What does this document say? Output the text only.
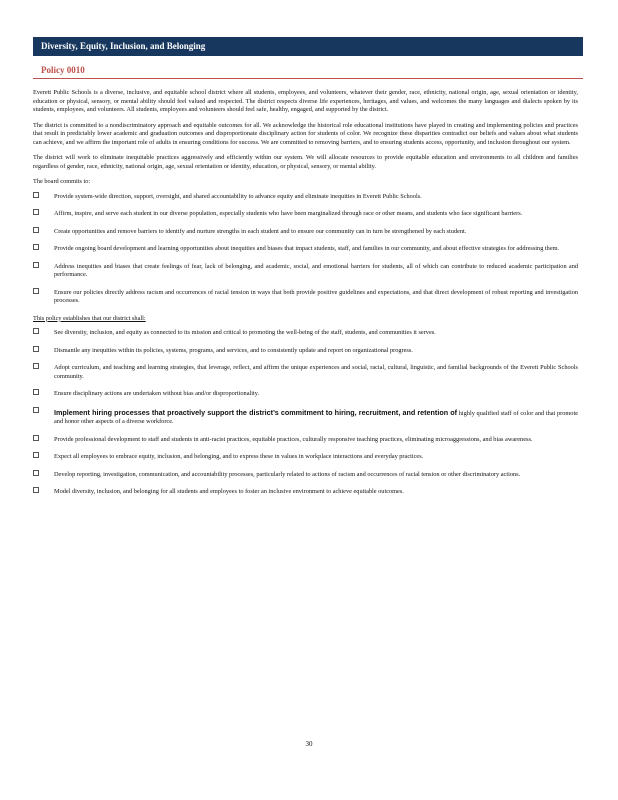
Diversity, Equity, Inclusion, and Belonging
Policy 0010

Everett Public Schools is a diverse, inclusive, and equitable school district where all students, employees, and volunteers, whatever their gender, race, ethnicity, national origin, age, sexual orientation or identity, education or physical, sensory, or mental ability should feel valued and respected. The district respects diverse life experiences, heritages, and values, and welcomes the many languages and dialects spoken by its students, employees, and volunteers. All students, employees and volunteers should feel safe, healthy, engaged, and supported by the district.

The district is committed to a nondiscriminatory approach and equitable outcomes for all. We acknowledge the historical role educational institutions have played in creating and implementing policies and practices that result in predictably lower academic and graduation outcomes and disproportionate disciplinary action for students of color. We recognize these disparities contradict our beliefs and values about what students can achieve, and we affirm the important role of adults in ensuring conditions for success. We are committed to removing barriers, and to ensuring students access, opportunity, and inclusion throughout our system.

The district will work to eliminate inequitable practices aggressively and efficiently within our system. We will allocate resources to provide equitable education and environments to all children and families regardless of gender, race, ethnicity, national origin, age, sexual orientation or identity, education, or physical, sensory, or mental ability.

The board commits to:

Provide system-wide direction, support, oversight, and shared accountability to advance equity and eliminate inequities in Everett Public Schools.
Affirm, inspire, and serve each student in our diverse population, especially students who have been marginalized through race or other means, and students who face significant barriers.
Create opportunities and remove barriers to identify and nurture strengths in each student and to ensure our community can in turn be strengthened by each student.
Provide ongoing board development and learning opportunities about inequities and biases that impact students, staff, and families in our community, and about effective strategies for addressing them.
Address inequities and biases that create feelings of fear, lack of belonging, and academic, social, and emotional barriers for students, all of which can contribute to reduced academic participation and performance.
Ensure our policies directly address racism and occurrences of racial tension in ways that both provide positive guidelines and expectations, and that direct development of robust reporting and investigation processes.

This policy establishes that our district shall:

See diversity, inclusion, and equity as connected to its mission and critical to promoting the well-being of the staff, students, and communities it serves.
Dismantle any inequities within its policies, systems, programs, and services, and to consistently update and report on organizational progress.
Adopt curriculum, and teaching and learning strategies, that leverage, reflect, and affirm the unique experiences and social, racial, cultural, linguistic, and familial backgrounds of the Everett Public Schools community.
Ensure disciplinary actions are undertaken without bias and/or disproportionality.
Implement hiring processes that proactively support the district’s commitment to hiring, recruitment, and retention of highly qualified staff of color and that promote and honor other aspects of a diverse workforce.
Provide professional development to staff and students in anti-racist practices, equitable practices, culturally responsive teaching practices, eliminating microaggressions, and bias awareness.
Expect all employees to embrace equity, inclusion, and belonging, and to express these in values in workplace interactions and everyday practices.
Develop reporting, investigation, communication, and accountability processes, particularly related to actions of racism and occurrences of racial tension or other discriminatory actions.
Model diversity, inclusion, and belonging for all students and employees to foster an inclusive environment to achieve equitable outcomes.
30
